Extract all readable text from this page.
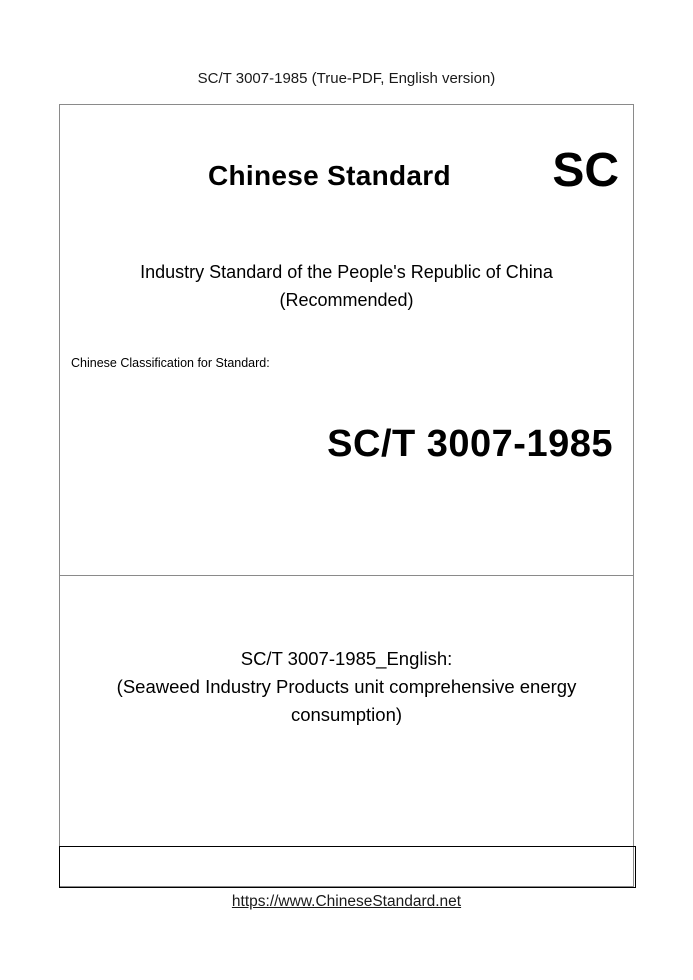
SC/T 3007-1985 (True-PDF, English version)
Chinese Standard SC
Industry Standard of the People's Republic of China
(Recommended)
Chinese Classification for Standard:
SC/T 3007-1985
SC/T 3007-1985_English:
(Seaweed Industry Products unit comprehensive energy
consumption)
https://www.ChineseStandard.net
